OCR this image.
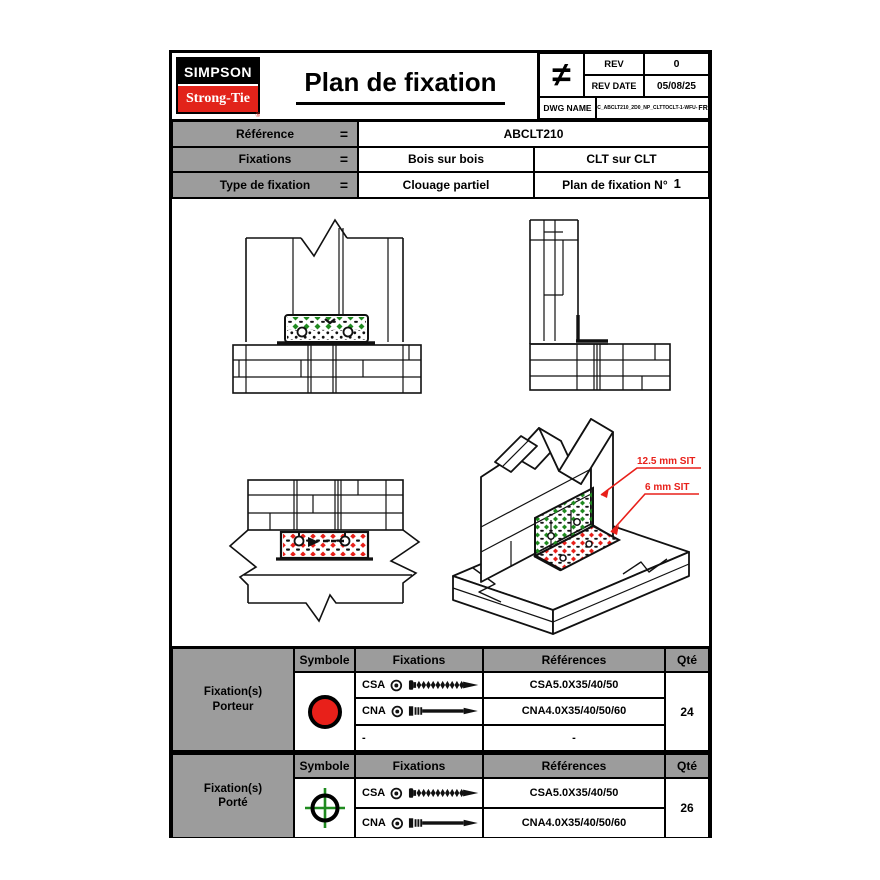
SIMPSON
Strong-Tie
®
Plan de fixation	≠	REV	0
REV DATE	05/08/25
DWG NAME	C_ABCLT210_2D0_NP_CLTTOCLT-1-WFU- FR
Référence	=	ABCLT210
Fixations	=	Bois sur bois	CLT sur CLT
Type de fixation =	Clouage partiel	Plan de fixation N° 1
12.5 mm SIT
6 mm SIT
Fixation(s)
Porteur
Symbole	Fixations	Références	Qté
CSA	CSA5.0X35/40/50
CNA	CNA4.0X35/40/50/60
-	-
24
Fixation(s)
Porté
Symbole	Fixations	Références	Qté
CSA	CSA5.0X35/40/50
CNA	CNA4.0X35/40/50/60
26
